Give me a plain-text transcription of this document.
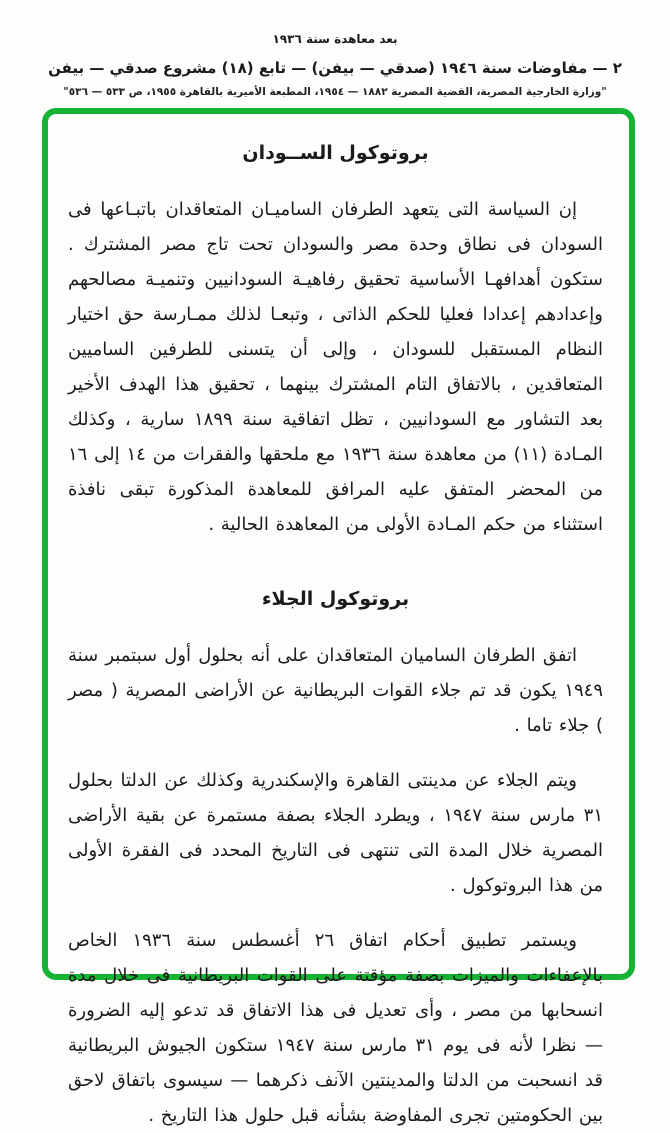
بعد معاهدة سنة ١٩٣٦

٢ — مفاوضات سنة ١٩٤٦ (صدقي — بيفن) — تابع (١٨) مشروع صدقي — بيفن

"وزارة الخارجية المصرية، القضية المصرية ١٨٨٢ — ١٩٥٤، المطبعة الأميرية بالقاهرة ١٩٥٥، ص ٥٣٣ — ٥٣٦"

بروتوكول الســودان

إن السياسة التى يتعهد الطرفان الساميـان المتعاقدان باتبـاعها فى السودان فى نطاق وحدة مصر والسودان تحت تاج مصر المشترك . ستكون أهدافهـا الأساسية تحقيق رفاهيـة السودانيين وتنميـة مصالحهم وإعدادهم إعدادا فعليا للحكم الذاتى ، وتبعـا لذلك ممـارسة حق اختيار النظام المستقبل للسودان ، وإلى أن يتسنى للطرفين الساميين المتعاقدين ، بالاتفاق التام المشترك بينهما ، تحقيق هذا الهدف الأخير بعد التشاور مع السودانيين ، تظل اتفاقية سنة ١٨٩٩ سارية ، وكذلك المـادة (١١) من معاهدة سنة ١٩٣٦ مع ملحقها والفقرات من ١٤ إلى ١٦ من المحضر المتفق عليه المرافق للمعاهدة المذكورة تبقى نافذة استثناء من حكم المـادة الأولى من المعاهدة الحالية .

بروتوكول الجلاء

اتفق الطرفان الساميان المتعاقدان على أنه بحلول أول سبتمبر سنة ١٩٤٩ يكون قد تم جلاء القوات البريطانية عن الأراضى المصرية ( مصر ) جلاء تاما .

ويتم الجلاء عن مدينتى القاهرة والإسكندرية وكذلك عن الدلتا بحلول ٣١ مارس سنة ١٩٤٧ ، ويطرد الجلاء بصفة مستمرة عن بقية الأراضى المصرية خلال المدة التى تنتهى فى التاريخ المحدد فى الفقرة الأولى من هذا البروتوكول .

ويستمر تطبيق أحكام اتفاق ٢٦ أغسطس سنة ١٩٣٦ الخاص بالإعفاءات والميزات بصفة مؤقتة على القوات البريطانية فى خلال مدة انسحابها من مصر ، وأى تعديل فى هذا الاتفاق قد تدعو إليه الضرورة — نظرا لأنه فى يوم ٣١ مارس سنة ١٩٤٧ ستكون الجيوش البريطانية قد انسحبت من الدلتا والمدينتين الآنف ذكرهما — سيسوى باتفاق لاحق بين الحكومتين تجرى المفاوضة بشأنه قبل حلول هذا التاريخ .
